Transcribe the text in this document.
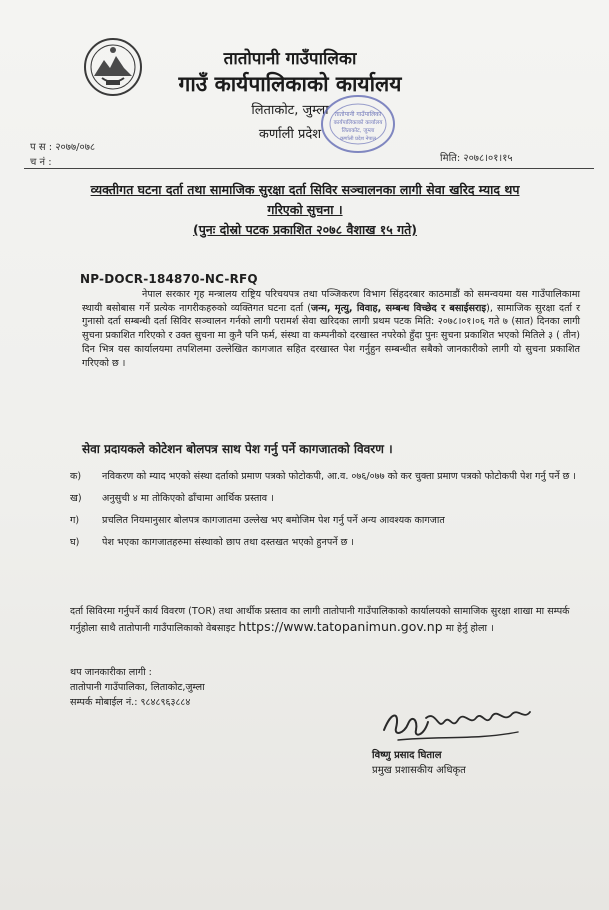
तातोपानी गाउँपालिका
गाउँ कार्यपालिकाको कार्यालय
लिताकोट, जुम्ला
कर्णाली प्रदेश
तातोपानी गाउँपालिका
कार्यपालिकाको कार्यालय
लिताकोट, जुम्ला
कर्णाली प्रदेश नेपाल
प स : २०७७/०७८
च नं :	मिति: २०७८।०१।१५
व्यक्तीगत घटना दर्ता तथा सामाजिक सुरक्षा दर्ता सिविर सञ्चालनका लागी सेवा खरिद म्याद थप
गरिएको सुचना ।
(पुनः दोस्रो पटक प्रकाशित २०७८ वैशाख १५ गते)
NP-DOCR-184870-NC-RFQ
नेपाल सरकार गृह मन्त्रालय राष्ट्रिय परिचयपत्र तथा पञ्जिकरण विभाग सिंहदरबार काठमाडौं को समन्वयमा यस गाउँपालिकामा स्थायी बसोबास गर्ने प्रत्येक नागरीकहरुको व्यक्तिगत घटना दर्ता (जन्म, मृत्यु, विवाह, सम्बन्ध विच्छेद र बसाईसराइ), सामाजिक सुरक्षा दर्ता र गुनासो दर्ता सम्बन्धी दर्ता सिविर सञ्चालन गर्नको लागी परामर्श सेवा खरिदका लागी प्रथम पटक मिति: २०७८।०१।०६ गते ७ (सात) दिनका लागी सुचना प्रकाशित गरिएको र उक्त सुचना मा कुनै पनि फर्म, संस्था वा कम्पनीको दरखास्त नपरेको हुँदा पुनः सुचना प्रकाशित भएको मितिले ३ ( तीन) दिन भित्र यस कार्यालयमा तपशिलमा उल्लेखित कागजात सहित दरखास्त पेश गर्नुहुन सम्बन्धीत सबैको जानकारीको लागी यो सुचना प्रकाशित गरिएको छ ।
सेवा प्रदायकले कोटेशन बोलपत्र साथ पेश गर्नु पर्ने कागजातको विवरण ।
क) नविकरण को म्याद भएको संस्था दर्ताको प्रमाण पत्रको फोटोकपी, आ.व. ०७६/०७७ को कर चुक्ता प्रमाण पत्रको फोटोकपी पेश गर्नु पर्ने छ ।
ख) अनुसुची ४ मा तोकिएको ढाँचामा आर्थिक प्रस्ताव ।
ग) प्रचलित नियमानुसार बोलपत्र कागजातमा उल्लेख भए बमोजिम पेश गर्नु पर्ने अन्य आवश्यक कागजात
घ) पेश भएका कागजातहरुमा संस्थाको छाप तथा दस्तखत भएको हुनपर्ने छ ।
दर्ता सिविरमा गर्नुपर्ने कार्य विवरण (TOR) तथा आर्थीक प्रस्ताव का लागी तातोपानी गाउँपालिकाको कार्यालयको सामाजिक सुरक्षा शाखा मा सम्पर्क गर्नुहोला साथै तातोपानी गाउँपालिकाको वेबसाइट https://www.tatopanimun.gov.np मा हेर्नु होला ।
थप जानकारीका लागी :
तातोपानी गाउँपालिका, लिताकोट,जुम्ला
सम्पर्क मोबाईल नं.: ९८४८९६३८८४
विष्णु प्रसाद घिताल
प्रमुख प्रशासकीय अधिकृत
